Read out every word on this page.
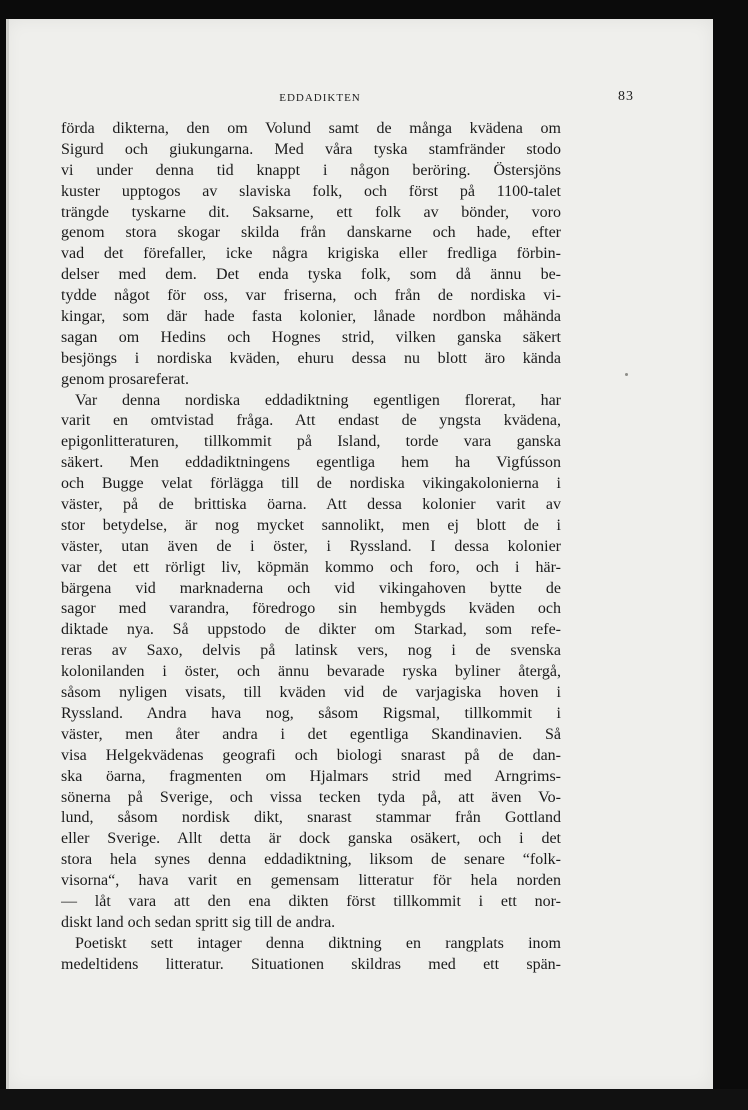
EDDADIKTEN	83
förda dikterna, den om Volund samt de många kvädena om
Sigurd och giukungarna. Med våra tyska stamfränder stodo
vi under denna tid knappt i någon beröring. Östersjöns
kuster upptogos av slaviska folk, och först på 1100-talet
trängde tyskarne dit. Saksarne, ett folk av bönder, voro
genom stora skogar skilda från danskarne och hade, efter
vad det förefaller, icke några krigiska eller fredliga förbin-
delser med dem. Det enda tyska folk, som då ännu be-
tydde något för oss, var friserna, och från de nordiska vi-
kingar, som där hade fasta kolonier, lånade nordbon måhända
sagan om Hedins och Hognes strid, vilken ganska säkert
besjöngs i nordiska kväden, ehuru dessa nu blott äro kända
genom prosareferat.
Var denna nordiska eddadiktning egentligen florerat, har
varit en omtvistad fråga. Att endast de yngsta kvädena,
epigonlitteraturen, tillkommit på Island, torde vara ganska
säkert. Men eddadiktningens egentliga hem ha Vigfússon
och Bugge velat förlägga till de nordiska vikingakolonierna i
väster, på de brittiska öarna. Att dessa kolonier varit av
stor betydelse, är nog mycket sannolikt, men ej blott de i
väster, utan även de i öster, i Ryssland. I dessa kolonier
var det ett rörligt liv, köpmän kommo och foro, och i här-
bärgena vid marknaderna och vid vikingahoven bytte de
sagor med varandra, föredrogo sin hembygds kväden och
diktade nya. Så uppstodo de dikter om Starkad, som refe-
reras av Saxo, delvis på latinsk vers, nog i de svenska
kolonilanden i öster, och ännu bevarade ryska byliner återgå,
såsom nyligen visats, till kväden vid de varjagiska hoven i
Ryssland. Andra hava nog, såsom Rigsmal, tillkommit i
väster, men åter andra i det egentliga Skandinavien. Så
visa Helgekvädenas geografi och biologi snarast på de dan-
ska öarna, fragmenten om Hjalmars strid med Arngrims-
sönerna på Sverige, och vissa tecken tyda på, att även Vo-
lund, såsom nordisk dikt, snarast stammar från Gottland
eller Sverige. Allt detta är dock ganska osäkert, och i det
stora hela synes denna eddadiktning, liksom de senare “folk-
visorna“, hava varit en gemensam litteratur för hela norden
— låt vara att den ena dikten först tillkommit i ett nor-
diskt land och sedan spritt sig till de andra.
Poetiskt sett intager denna diktning en rangplats inom
medeltidens litteratur. Situationen skildras med ett spän-
